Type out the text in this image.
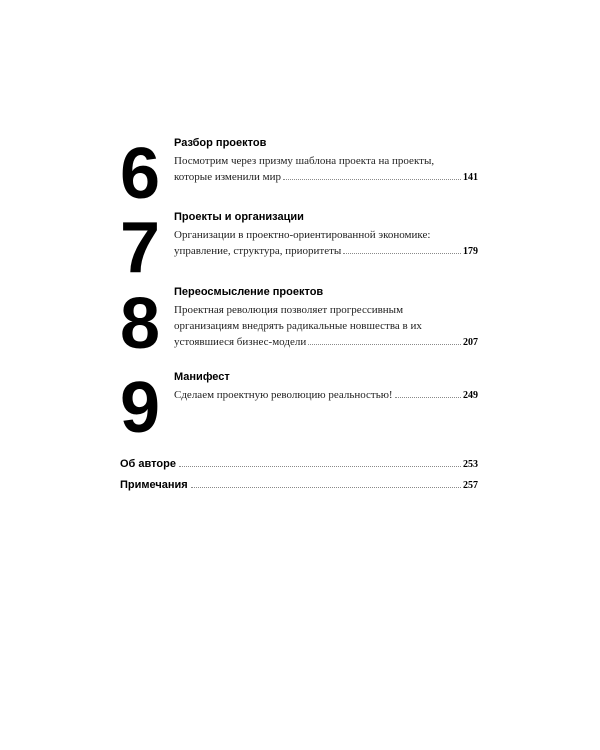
6 Разбор проектов
Посмотрим через призму шаблона проекта на проекты,
которые изменили мир	141
7 Проекты и организации
Организации в проектно-ориентированной экономике:
управление, структура, приоритеты	179
8 Переосмысление проектов
Проектная революция позволяет прогрессивным
организациям внедрять радикальные новшества в их
устоявшиеся бизнес-модели	207
9 Манифест
Сделаем проектную революцию реальностью!	249
Об авторе	253
Примечания	257
